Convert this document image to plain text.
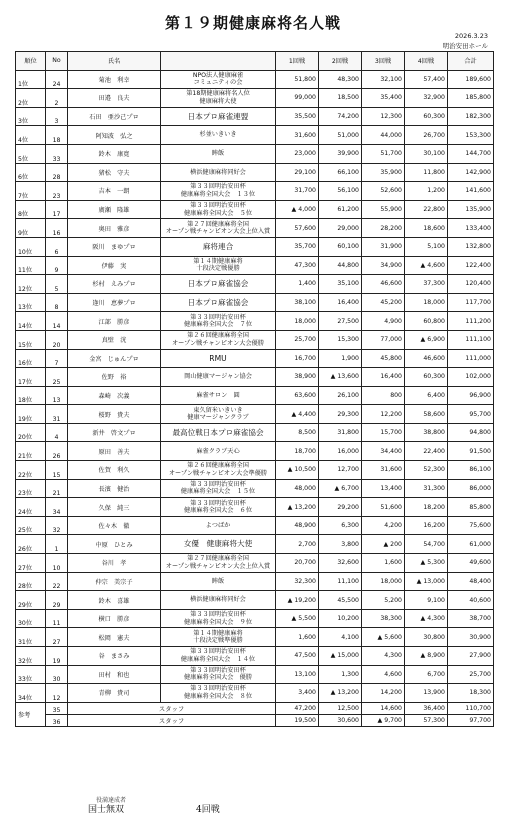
第１９期健康麻将名人戦
2026.3.23
明治安田ホール
順位	No	氏名		1回戦	2回戦	3回戦	4回戦	合計
1位	24	菊池　利幸	NPO法人健康麻雀
コミュニティの会	51,800	48,300	32,100	57,400	189,600
2位	2	田邉　良夫	第18期健康麻将名人位
健康麻将大使	99,000	18,500	35,400	32,900	185,800
3位	3	石田　亜沙己プロ	日本プロ麻雀連盟	35,500	74,200	12,300	60,300	182,300
4位	18	阿知波　弘之	杉並いきいき	31,600	51,000	44,000	26,700	153,300
5位	33	鈴木　康寛	眸飯	23,000	39,900	51,700	30,100	144,700
6位	28	猪松　守夫	横浜健康麻将同好会	29,100	66,100	35,900	11,800	142,900
7位	23	吉本　一朗	第３３回明治安田杯
健康麻将全国大会　１３位	31,700	56,100	52,600	1,200	141,600
8位	17	廣瀬　隆雄	第３３回明治安田杯
健康麻将全国大会　５位	▲ 4,000	61,200	55,900	22,800	135,900
9位	16	奥田　雅彦	第２７回健康麻将全国
オープン戦チャンピオン大会上位入賞	57,600	29,000	28,200	18,600	133,400
10位	6	阪川　まゆプロ	麻将連合	35,700	60,100	31,900	5,100	132,800
11位	9	伊藤　実	第１４期健康麻将
十段決定戦優勝	47,300	44,800	34,900	▲ 4,600	122,400
12位	5	杉村　えみプロ	日本プロ麻雀協会	1,400	35,100	46,600	37,300	120,400
13位	8	逢川　恵夢プロ	日本プロ麻雀協会	38,100	16,400	45,200	18,000	117,700
14位	14	江部　勝彦	第３３回明治安田杯
健康麻将全国大会　７位	18,000	27,500	4,900	60,800	111,200
15位	20	真壁　洸	第２６回健康麻将全国
オープン戦チャンピオン大会優勝	25,700	15,300	77,000	▲ 6,900	111,100
16位	7	金宮　じゅんプロ	RMU	16,700	1,900	45,800	46,600	111,000
17位	25	佐野　裕	岡山健康マージャン協会	38,900	▲ 13,600	16,400	60,300	102,000
18位	13	森崎　次義	麻雀サロン　圓	63,600	26,100	800	6,400	96,900
19位	31	桜野　貴夫	東久留米いきいき
健康マージャンクラブ	▲ 4,400	29,300	12,200	58,600	95,700
20位	4	新井　啓文プロ	最高位戦日本プロ麻雀協会	8,500	31,800	15,700	38,800	94,800
21位	26	原田　善夫	麻雀クラブ天心	18,700	16,000	34,400	22,400	91,500
22位	15	佐賀　利久	第２６回健康麻将全国
オープン戦チャンピオン大会準優勝	▲ 10,500	12,700	31,600	52,300	86,100
23位	21	長濱　健治	第３３回明治安田杯
健康麻将全国大会　１５位	48,000	▲ 6,700	13,400	31,300	86,000
24位	34	久保　純三	第３３回明治安田杯
健康麻将全国大会　６位	▲ 13,200	29,200	51,600	18,200	85,800
25位	32	佐々木　徹	よつばか	48,900	6,300	4,200	16,200	75,600
26位	1	中原　ひとみ	女優　健康麻将大使	2,700	3,800	▲ 200	54,700	61,000
27位	10	谷川　孝	第２７回健康麻将全国
オープン戦チャンピオン大会上位入賞	20,700	32,600	1,600	▲ 5,300	49,600
28位	22	仲宗　美宗子	眸飯	32,300	11,100	18,000	▲ 13,000	48,400
29位	29	鈴木　喜雄	横浜健康麻将同好会	▲ 19,200	45,500	5,200	9,100	40,600
30位	11	横口　勝彦	第３３回明治安田杯
健康麻将全国大会　９位	▲ 5,500	10,200	38,300	▲ 4,300	38,700
31位	27	松岡　憲夫	第１４期健康麻将
十段決定戦準優勝	1,600	4,100	▲ 5,600	30,800	30,900
32位	19	谷　まさみ	第３３回明治安田杯
健康麻将全国大会　１４位	47,500	▲ 15,000	4,300	▲ 8,900	27,900
33位	30	田村　和也	第３３回明治安田杯
健康麻将全国大会　優勝	13,100	1,300	4,600	6,700	25,700
34位	12	青柳　貴司	第３３回明治安田杯
健康麻将全国大会　８位	3,400	▲ 13,200	14,200	13,900	18,300
参考	35	スタッフ		47,200	12,500	14,600	36,400	110,700
	36	スタッフ		19,500	30,600	▲ 9,700	57,300	97,700
役満達成者
国士無双	4回戦
